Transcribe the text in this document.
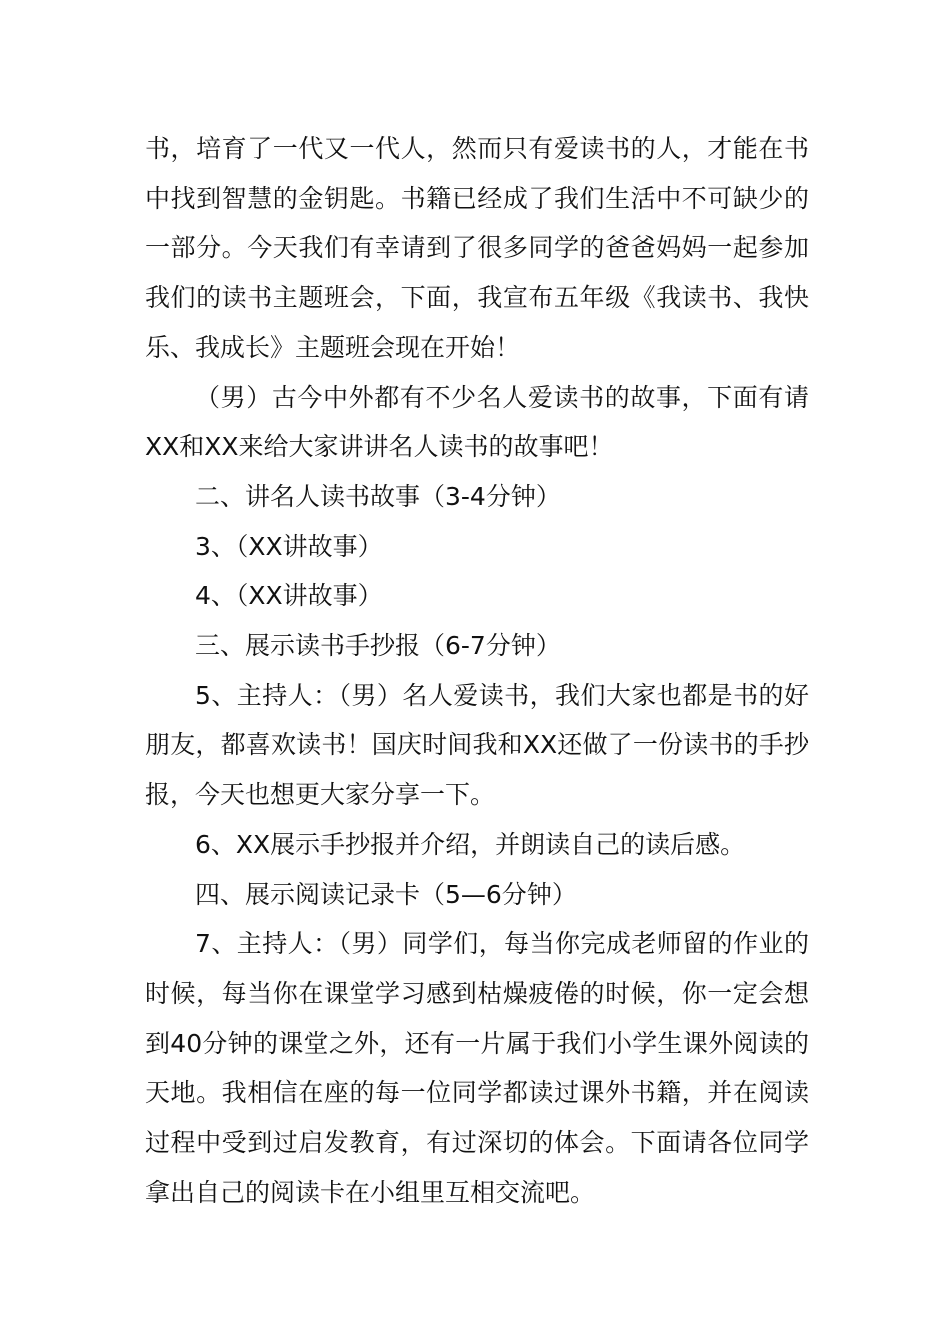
书，培育了一代又一代人，然而只有爱读书的人，才能在书中找到智慧的金钥匙。书籍已经成了我们生活中不可缺少的一部分。今天我们有幸请到了很多同学的爸爸妈妈一起参加我们的读书主题班会，下面，我宣布五年级《我读书、我快乐、我成长》主题班会现在开始！

（男）古今中外都有不少名人爱读书的故事，下面有请XX和XX来给大家讲讲名人读书的故事吧！

二、讲名人读书故事（3-4分钟）

3、（XX讲故事）

4、（XX讲故事）

三、展示读书手抄报（6-7分钟）

5、主持人：（男）名人爱读书，我们大家也都是书的好朋友，都喜欢读书！国庆时间我和XX还做了一份读书的手抄报，今天也想更大家分享一下。

6、XX展示手抄报并介绍，并朗读自己的读后感。

四、展示阅读记录卡（5—6分钟）

7、主持人：（男）同学们，每当你完成老师留的作业的时候，每当你在课堂学习感到枯燥疲倦的时候，你一定会想到40分钟的课堂之外，还有一片属于我们小学生课外阅读的天地。我相信在座的每一位同学都读过课外书籍，并在阅读过程中受到过启发教育，有过深切的体会。下面请各位同学拿出自己的阅读卡在小组里互相交流吧。
